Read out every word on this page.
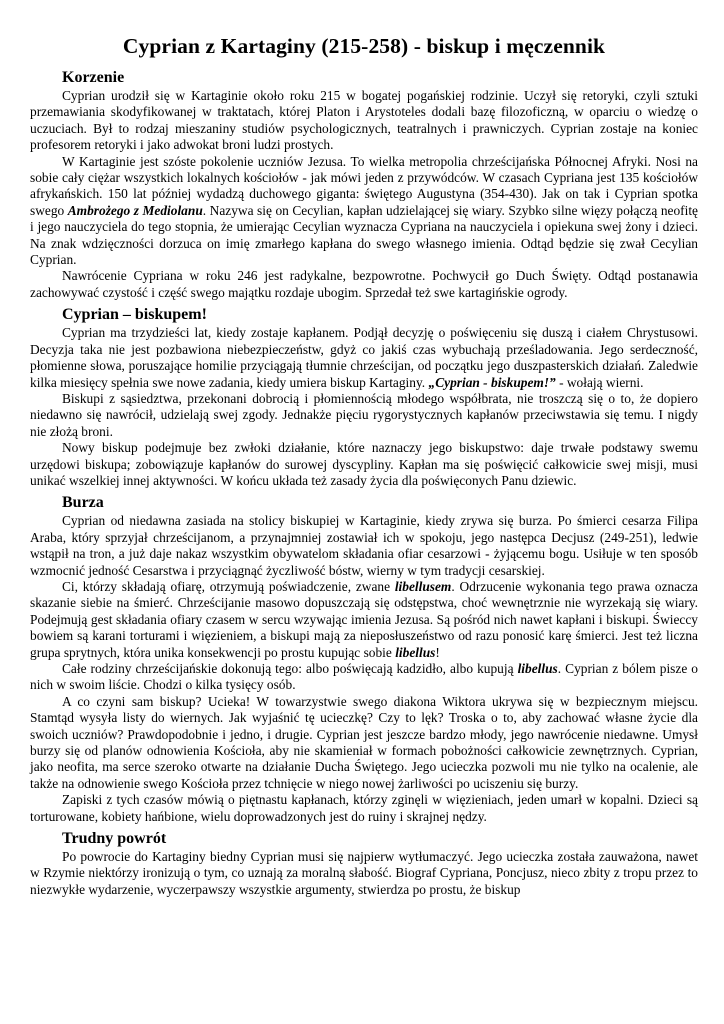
Cyprian z Kartaginy (215-258) - biskup i męczennik
Korzenie

Cyprian urodził się w Kartaginie około roku 215 w bogatej pogańskiej rodzinie. Uczył się retoryki, czyli sztuki przemawiania skodyfikowanej w traktatach, której Platon i Arystoteles dodali bazę filozoficzną, w oparciu o wiedzę o uczuciach. Był to rodzaj mieszaniny studiów psychologicznych, teatralnych i prawniczych. Cyprian zostaje na koniec profesorem retoryki i jako adwokat broni ludzi prostych.

W Kartaginie jest szóste pokolenie uczniów Jezusa. To wielka metropolia chrześcijańska Północnej Afryki. Nosi na sobie cały ciężar wszystkich lokalnych kościołów - jak mówi jeden z przywódców. W czasach Cypriana jest 135 kościołów afrykańskich. 150 lat później wydadzą duchowego giganta: świętego Augustyna (354-430). Jak on tak i Cyprian spotka swego Ambrożego z Mediolanu. Nazywa się on Cecylian, kapłan udzielającej się wiary. Szybko silne więzy połączą neofitę i jego nauczyciela do tego stopnia, że umierając Cecylian wyznacza Cypriana na nauczyciela i opiekuna swej żony i dzieci. Na znak wdzięczności dorzuca on imię zmarłego kapłana do swego własnego imienia. Odtąd będzie się zwał Cecylian Cyprian.

Nawrócenie Cypriana w roku 246 jest radykalne, bezpowrotne. Pochwycił go Duch Święty. Odtąd postanawia zachowywać czystość i część swego majątku rozdaje ubogim. Sprzedał też swe kartagińskie ogrody.

Cyprian – biskupem!

Cyprian ma trzydzieści lat, kiedy zostaje kapłanem. Podjął decyzję o poświęceniu się duszą i ciałem Chrystusowi. Decyzja taka nie jest pozbawiona niebezpieczeństw, gdyż co jakiś czas wybuchają prześladowania. Jego serdeczność, płomienne słowa, poruszające homilie przyciągają tłumnie chrześcijan, od początku jego duszpasterskich działań. Zaledwie kilka miesięcy spełnia swe nowe zadania, kiedy umiera biskup Kartaginy. „Cyprian - biskupem!” - wołają wierni.

Biskupi z sąsiedztwa, przekonani dobrocią i płomiennością młodego współbrata, nie troszczą się o to, że dopiero niedawno się nawrócił, udzielają swej zgody. Jednakże pięciu rygorystycznych kapłanów przeciwstawia się temu. I nigdy nie złożą broni.

Nowy biskup podejmuje bez zwłoki działanie, które naznaczy jego biskupstwo: daje trwałe podstawy swemu urzędowi biskupa; zobowiązuje kapłanów do surowej dyscypliny. Kapłan ma się poświęcić całkowicie swej misji, musi unikać wszelkiej innej aktywności. W końcu układa też zasady życia dla poświęconych Panu dziewic.

Burza

Cyprian od niedawna zasiada na stolicy biskupiej w Kartaginie, kiedy zrywa się burza. Po śmierci cesarza Filipa Araba, który sprzyjał chrześcijanom, a przynajmniej zostawiał ich w spokoju, jego następca Decjusz (249-251), ledwie wstąpił na tron, a już daje nakaz wszystkim obywatelom składania ofiar cesarzowi - żyjącemu bogu. Usiłuje w ten sposób wzmocnić jedność Cesarstwa i przyciągnąć życzliwość bóstw, wierny w tym tradycji cesarskiej.

Ci, którzy składają ofiarę, otrzymują poświadczenie, zwane libellusem. Odrzucenie wykonania tego prawa oznacza skazanie siebie na śmierć. Chrześcijanie masowo dopuszczają się odstępstwa, choć wewnętrznie nie wyrzekają się wiary. Podejmują gest składania ofiary czasem w sercu wzywając imienia Jezusa. Są pośród nich nawet kapłani i biskupi. Świeccy bowiem są karani torturami i więzieniem, a biskupi mają za nieposłuszeństwo od razu ponosić karę śmierci. Jest też liczna grupa sprytnych, która unika konsekwencji po prostu kupując sobie libellus!

Całe rodziny chrześcijańskie dokonują tego: albo poświęcają kadzidło, albo kupują libellus. Cyprian z bólem pisze o nich w swoim liście. Chodzi o kilka tysięcy osób.

A co czyni sam biskup? Ucieka! W towarzystwie swego diakona Wiktora ukrywa się w bezpiecznym miejscu. Stamtąd wysyła listy do wiernych. Jak wyjaśnić tę ucieczkę? Czy to lęk? Troska o to, aby zachować własne życie dla swoich uczniów? Prawdopodobnie i jedno, i drugie. Cyprian jest jeszcze bardzo młody, jego nawrócenie niedawne. Umysł burzy się od planów odnowienia Kościoła, aby nie skamieniał w formach pobożności całkowicie zewnętrznych. Cyprian, jako neofita, ma serce szeroko otwarte na działanie Ducha Świętego. Jego ucieczka pozwoli mu nie tylko na ocalenie, ale także na odnowienie swego Kościoła przez tchnięcie w niego nowej żarliwości po uciszeniu się burzy.

Zapiski z tych czasów mówią o piętnastu kapłanach, którzy zginęli w więzieniach, jeden umarł w kopalni. Dzieci są torturowane, kobiety hańbione, wielu doprowadzonych jest do ruiny i skrajnej nędzy.

Trudny powrót

Po powrocie do Kartaginy biedny Cyprian musi się najpierw wytłumaczyć. Jego ucieczka została zauważona, nawet w Rzymie niektórzy ironizują o tym, co uznają za moralną słabość. Biograf Cypriana, Poncjusz, nieco zbity z tropu przez to niezwykłe wydarzenie, wyczerpawszy wszystkie argumenty, stwierdza po prostu, że biskup
